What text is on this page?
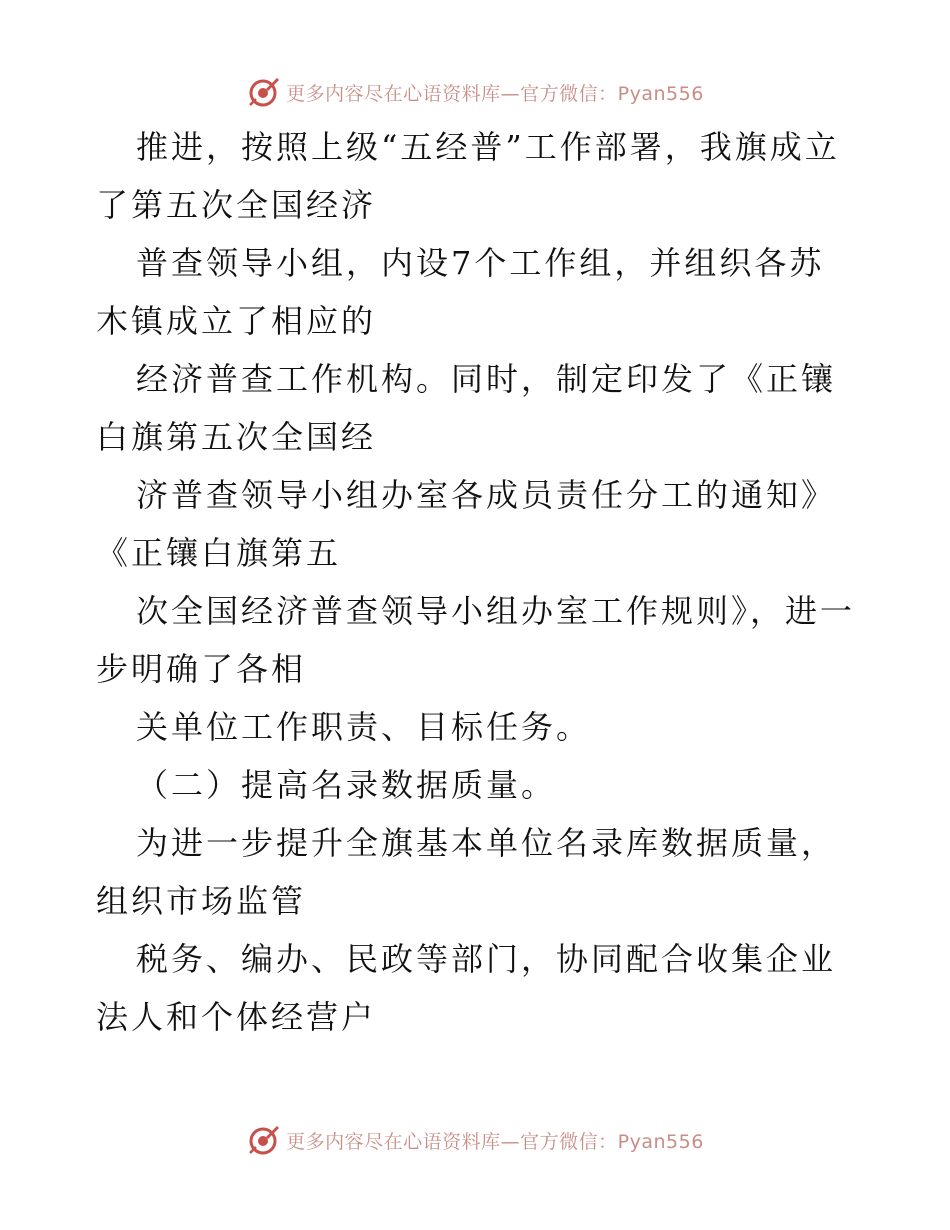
更多内容尽在心语资料库—官方微信：Pyan556

推进，按照上级“五经普”工作部署，我旗成立了第五次全国经济

普查领导小组，内设7个工作组，并组织各苏木镇成立了相应的

经济普查工作机构。同时，制定印发了《正镶白旗第五次全国经

济普查领导小组办室各成员责任分工的通知》《正镶白旗第五

次全国经济普查领导小组办室工作规则》，进一步明确了各相

关单位工作职责、目标任务。

（二）提高名录数据质量。

为进一步提升全旗基本单位名录库数据质量，组织市场监管

税务、编办、民政等部门，协同配合收集企业法人和个体经营户

更多内容尽在心语资料库—官方微信：Pyan556
